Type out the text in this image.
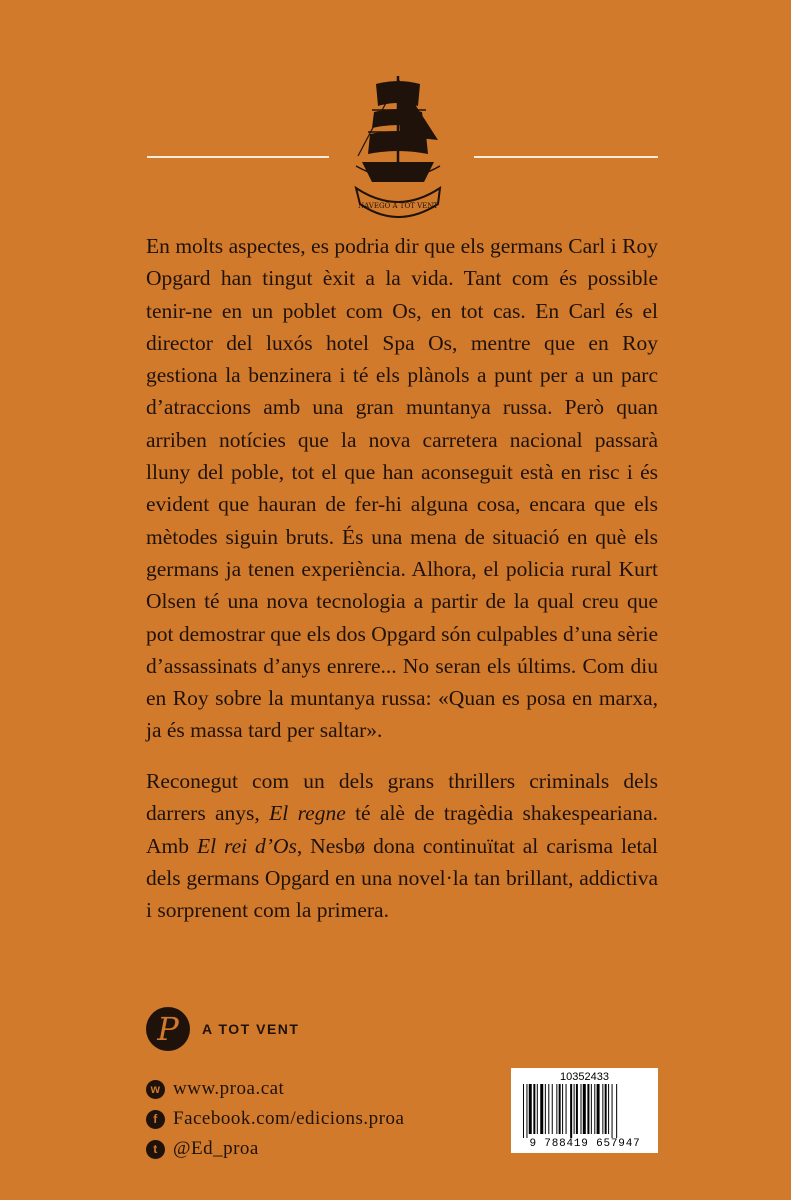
NAVEGO A TOT VENT

En molts aspectes, es podria dir que els germans Carl i Roy Opgard han tingut èxit a la vida. Tant com és possible tenir-ne en un poblet com Os, en tot cas. En Carl és el director del luxós hotel Spa Os, mentre que en Roy gestiona la benzinera i té els plànols a punt per a un parc d’atraccions amb una gran muntanya russa. Però quan arriben notícies que la nova carretera nacional passarà lluny del poble, tot el que han aconseguit està en risc i és evident que hauran de fer-hi alguna cosa, encara que els mètodes siguin bruts. És una mena de situació en què els germans ja tenen experiència. Alhora, el policia rural Kurt Olsen té una nova tecnologia a partir de la qual creu que pot demostrar que els dos Opgard són culpables d’una sèrie d’assassinats d’anys enrere... No seran els últims. Com diu en Roy sobre la muntanya russa: «Quan es posa en marxa, ja és massa tard per saltar».

Reconegut com un dels grans thrillers criminals dels darrers anys, El regne té alè de tragèdia shakespeariana. Amb El rei d’Os, Nesbø dona continuïtat al carisma letal dels germans Opgard en una novel·la tan brillant, addictiva i sorprenent com la primera.

P	A TOT VENT
w www.proa.cat
f Facebook.com/edicions.proa
t @Ed_proa
10352433
9 788419 657947
